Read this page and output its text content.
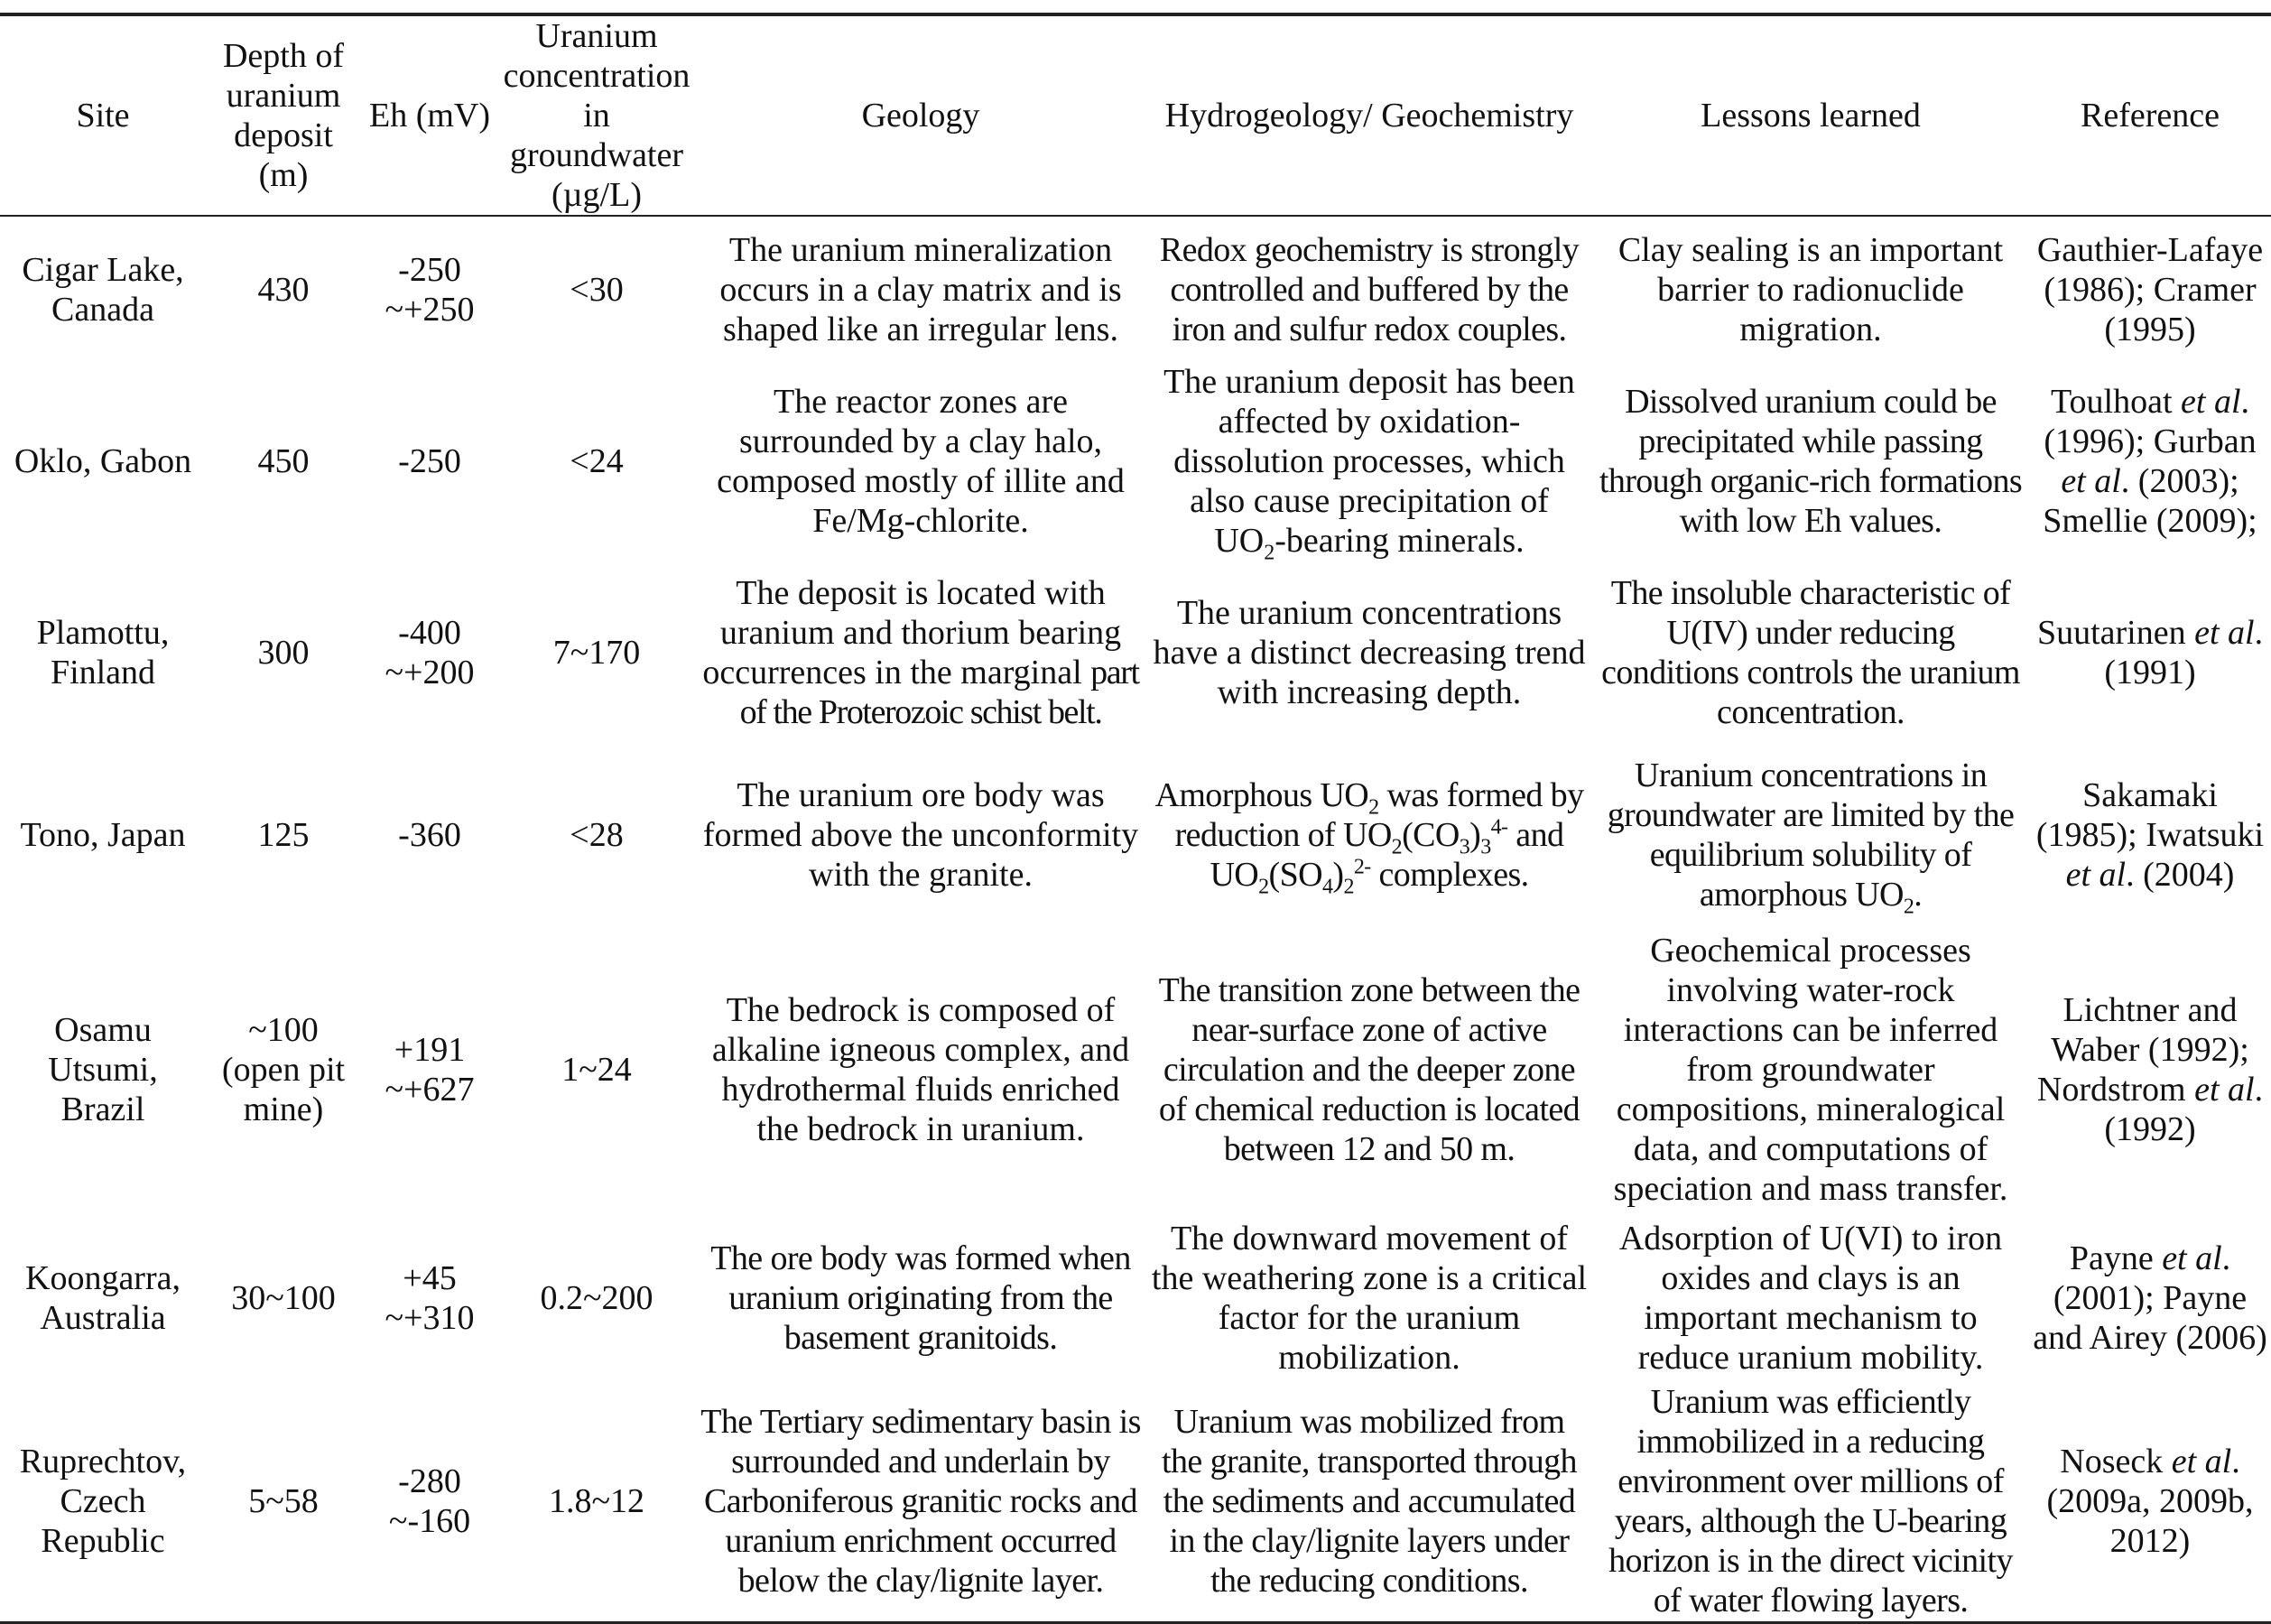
Site	Depth of uranium deposit (m)	Eh (mV)	Uranium concentration in groundwater (µg/L)	Geology	Hydrogeology/ Geochemistry	Lessons learned	Reference
Cigar Lake, Canada	430	-250 ~+250	<30	The uranium mineralization occurs in a clay matrix and is shaped like an irregular lens.	Redox geochemistry is strongly controlled and buffered by the iron and sulfur redox couples.	Clay sealing is an important barrier to radionuclide migration.	Gauthier-Lafaye (1986); Cramer (1995)
Oklo, Gabon	450	-250	<24	The reactor zones are surrounded by a clay halo, composed mostly of illite and Fe/Mg-chlorite.	The uranium deposit has been affected by oxidation-dissolution processes, which also cause precipitation of $UO_2$-bearing minerals.	Dissolved uranium could be precipitated while passing through organic-rich formations with low Eh values.	Toulhoat et al. (1996); Gurban et al. (2003); Smellie (2009);
Plamottu, Finland	300	-400 ~+200	7~170	The deposit is located with uranium and thorium bearing occurrences in the marginal part of the Proterozoic schist belt.	The uranium concentrations have a distinct decreasing trend with increasing depth.	The insoluble characteristic of U(IV) under reducing conditions controls the uranium concentration.	Suutarinen et al. (1991)
Tono, Japan	125	-360	<28	The uranium ore body was formed above the unconformity with the granite.	Amorphous $UO_2$ was formed by reduction of $UO_2(CO_3)_3^{4-}$ and $UO_2(SO_4)_2^{2-}$ complexes.	Uranium concentrations in groundwater are limited by the equilibrium solubility of amorphous $UO_2$.	Sakamaki (1985); Iwatsuki et al. (2004)
Osamu Utsumi, Brazil	~100 (open pit mine)	+191 ~+627	1~24	The bedrock is composed of alkaline igneous complex, and hydrothermal fluids enriched the bedrock in uranium.	The transition zone between the near-surface zone of active circulation and the deeper zone of chemical reduction is located between 12 and 50 m.	Geochemical processes involving water-rock interactions can be inferred from groundwater compositions, mineralogical data, and computations of speciation and mass transfer.	Lichtner and Waber (1992); Nordstrom et al. (1992)
Koongarra, Australia	30~100	+45 ~+310	0.2~200	The ore body was formed when uranium originating from the basement granitoids.	The downward movement of the weathering zone is a critical factor for the uranium mobilization.	Adsorption of U(VI) to iron oxides and clays is an important mechanism to reduce uranium mobility.	Payne et al. (2001); Payne and Airey (2006)
Ruprechtov, Czech Republic	5~58	-280 ~-160	1.8~12	The Tertiary sedimentary basin is surrounded and underlain by Carboniferous granitic rocks and uranium enrichment occurred below the clay/lignite layer.	Uranium was mobilized from the granite, transported through the sediments and accumulated in the clay/lignite layers under the reducing conditions.	Uranium was efficiently immobilized in a reducing environment over millions of years, although the U-bearing horizon is in the direct vicinity of water flowing layers.	Noseck et al. (2009a, 2009b, 2012)
